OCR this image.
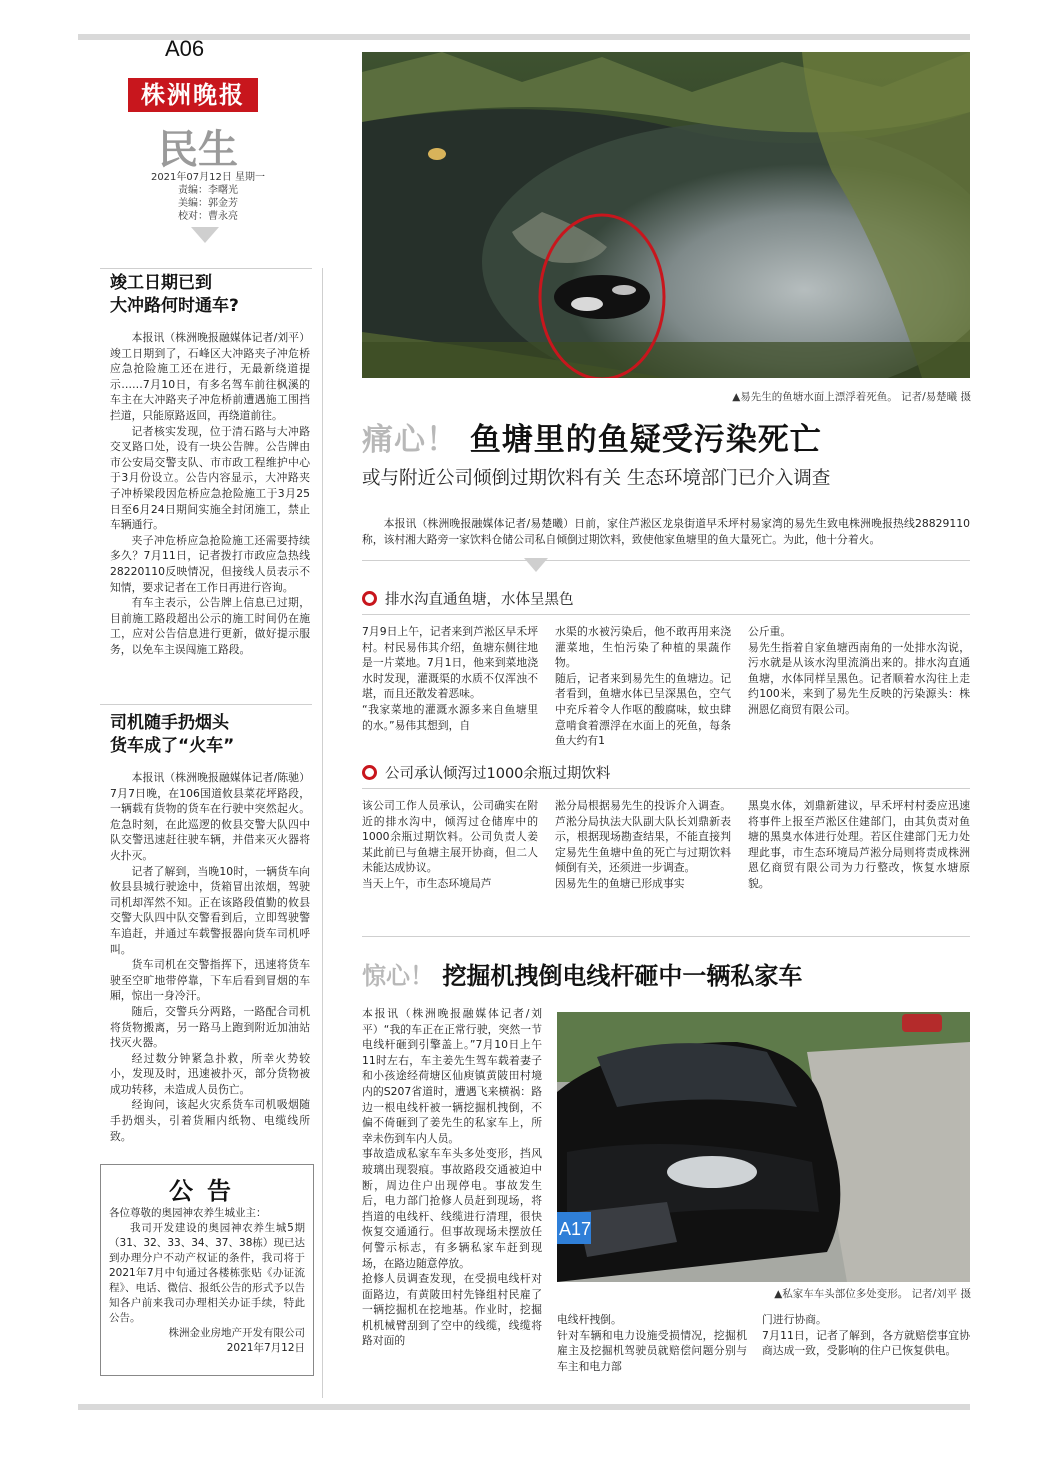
A06
株洲晚报
民生
2021年07月12日 星期一
责编：李曙光
美编：郭金芳
校对：曹永亮
竣工日期已到
大冲路何时通车?

本报讯（株洲晚报融媒体记者/刘平）竣工日期到了，石峰区大冲路夹子冲危桥应急抢险施工还在进行，无最新绕道提示……7月10日，有多名驾车前往枫溪的车主在大冲路夹子冲危桥前遭遇施工围挡拦道，只能原路返回，再绕道前往。

记者核实发现，位于清石路与大冲路交叉路口处，设有一块公告牌。公告牌由市公安局交警支队、市市政工程维护中心于3月份设立。公告内容显示，大冲路夹子冲桥梁段因危桥应急抢险施工于3月25日至6月24日期间实施全封闭施工，禁止车辆通行。

夹子冲危桥应急抢险施工还需要持续多久？7月11日，记者拨打市政应急热线28220110反映情况，但接线人员表示不知情，要求记者在工作日再进行咨询。

有车主表示，公告牌上信息已过期，目前施工路段超出公示的施工时间仍在施工，应对公告信息进行更新，做好提示服务，以免车主误闯施工路段。

司机随手扔烟头
货车成了“火车”

本报讯（株洲晚报融媒体记者/陈驰）7月7日晚，在106国道攸县菜花坪路段，一辆载有货物的货车在行驶中突然起火。危急时刻，在此巡逻的攸县交警大队四中队交警迅速赶往驶车辆，并借来灭火器将火扑灭。

记者了解到，当晚10时，一辆货车向攸县县城行驶途中，货箱冒出浓烟，驾驶司机却浑然不知。正在该路段值勤的攸县交警大队四中队交警看到后，立即驾驶警车追赶，并通过车载警报器向货车司机呼叫。

货车司机在交警指挥下，迅速将货车驶至空旷地带停靠，下车后看到冒烟的车厢，惊出一身冷汗。

随后，交警兵分两路，一路配合司机将货物搬离，另一路马上跑到附近加油站找灭火器。

经过数分钟紧急扑救，所幸火势较小，发现及时，迅速被扑灭，部分货物被成功转移，未造成人员伤亡。

经询问，该起火灾系货车司机吸烟随手扔烟头，引着货厢内纸物、电缆线所致。

公告

各位尊敬的奥园神农养生城业主：

我司开发建设的奥园神农养生城5期（31、32、33、34、37、38栋）现已达到办理分户不动产权证的条件，我司将于2021年7月中旬通过各楼栋张贴《办证流程》、电话、微信、报纸公告的形式予以告知各户前来我司办理相关办证手续，特此公告。

株洲金业房地产开发有限公司

2021年7月12日

▲易先生的鱼塘水面上漂浮着死鱼。 记者/易楚曦 摄
痛心！ 鱼塘里的鱼疑受污染死亡
或与附近公司倾倒过期饮料有关 生态环境部门已介入调查

本报讯（株洲晚报融媒体记者/易楚曦）日前，家住芦淞区龙泉街道早禾坪村易家湾的易先生致电株洲晚报热线28829110称，该村湘大路旁一家饮料仓储公司私自倾倒过期饮料，致使他家鱼塘里的鱼大量死亡。为此，他十分着火。

排水沟直通鱼塘，水体呈黑色
7月9日上午，记者来到芦淞区早禾坪村。村民易伟其介绍，鱼塘东侧往地是一片菜地。7月1日，他来到菜地浇水时发现，灌溉渠的水质不仅浑浊不堪，而且还散发着恶味。
“我家菜地的灌溉水源多来自鱼塘里的水。”易伟其想到，自
水渠的水被污染后，他不敢再用来浇灌菜地，生怕污染了种植的果蔬作物。
随后，记者来到易先生的鱼塘边。记者看到，鱼塘水体已呈深黑色，空气中充斥着令人作呕的酸腐味，蚊虫肆意啃食着漂浮在水面上的死鱼，每条鱼大约有1
公斤重。
易先生指着自家鱼塘西南角的一处排水沟说，污水就是从该水沟里流淌出来的。排水沟直通鱼塘，水体同样呈黑色。记者顺着水沟往上走约100米，来到了易先生反映的污染源头：株洲恩亿商贸有限公司。
公司承认倾泻过1000余瓶过期饮料
该公司工作人员承认，公司确实在附近的排水沟中，倾泻过仓储库中的1000余瓶过期饮料。公司负责人姜某此前已与鱼塘主展开协商，但二人未能达成协议。
当天上午，市生态环境局芦
淞分局根据易先生的投诉介入调查。芦淞分局执法大队副大队长刘鼎新表示，根据现场勘查结果，不能直接判定易先生鱼塘中鱼的死亡与过期饮料倾倒有关，还须进一步调查。
因易先生的鱼塘已形成事实
黑臭水体，刘鼎新建议，早禾坪村村委应迅速将事件上报至芦淞区住建部门，由其负责对鱼塘的黑臭水体进行处理。若区住建部门无力处理此事，市生态环境局芦淞分局则将责成株洲恩亿商贸有限公司为力行整改，恢复水塘原貌。
惊心！ 挖掘机拽倒电线杆砸中一辆私家车
本报讯（株洲晚报融媒体记者/刘平）“我的车正在正常行驶，突然一节电线杆砸到引擎盖上。”7月10日上午11时左右，车主姜先生驾车载着妻子和小孩途经荷塘区仙庾镇黄陂田村境内的S207省道时，遭遇飞来横祸：路边一根电线杆被一辆挖掘机拽倒，不偏不倚砸到了姜先生的私家车上，所幸未伤到车内人员。
事故造成私家车车头多处变形，挡风玻璃出现裂痕。事故路段交通被迫中断，周边住户出现停电。事故发生后，电力部门抢修人员赶到现场，将挡道的电线杆、线缆进行清理，很快恢复交通通行。但事故现场未摆放任何警示标志，有多辆私家车赶到现场，在路边随意停放。
抢修人员调查发现，在受损电线杆对面路边，有黄陂田村先锋组村民雇了一辆挖掘机在挖地基。作业时，挖掘机机械臂刮到了空中的线缆，线缆将路对面的
A17
▲私家车车头部位多处变形。 记者/刘平 摄
电线杆拽倒。
针对车辆和电力设施受损情况，挖掘机雇主及挖掘机驾驶员就赔偿问题分别与车主和电力部
门进行协商。
7月11日，记者了解到，各方就赔偿事宜协商达成一致，受影响的住户已恢复供电。
